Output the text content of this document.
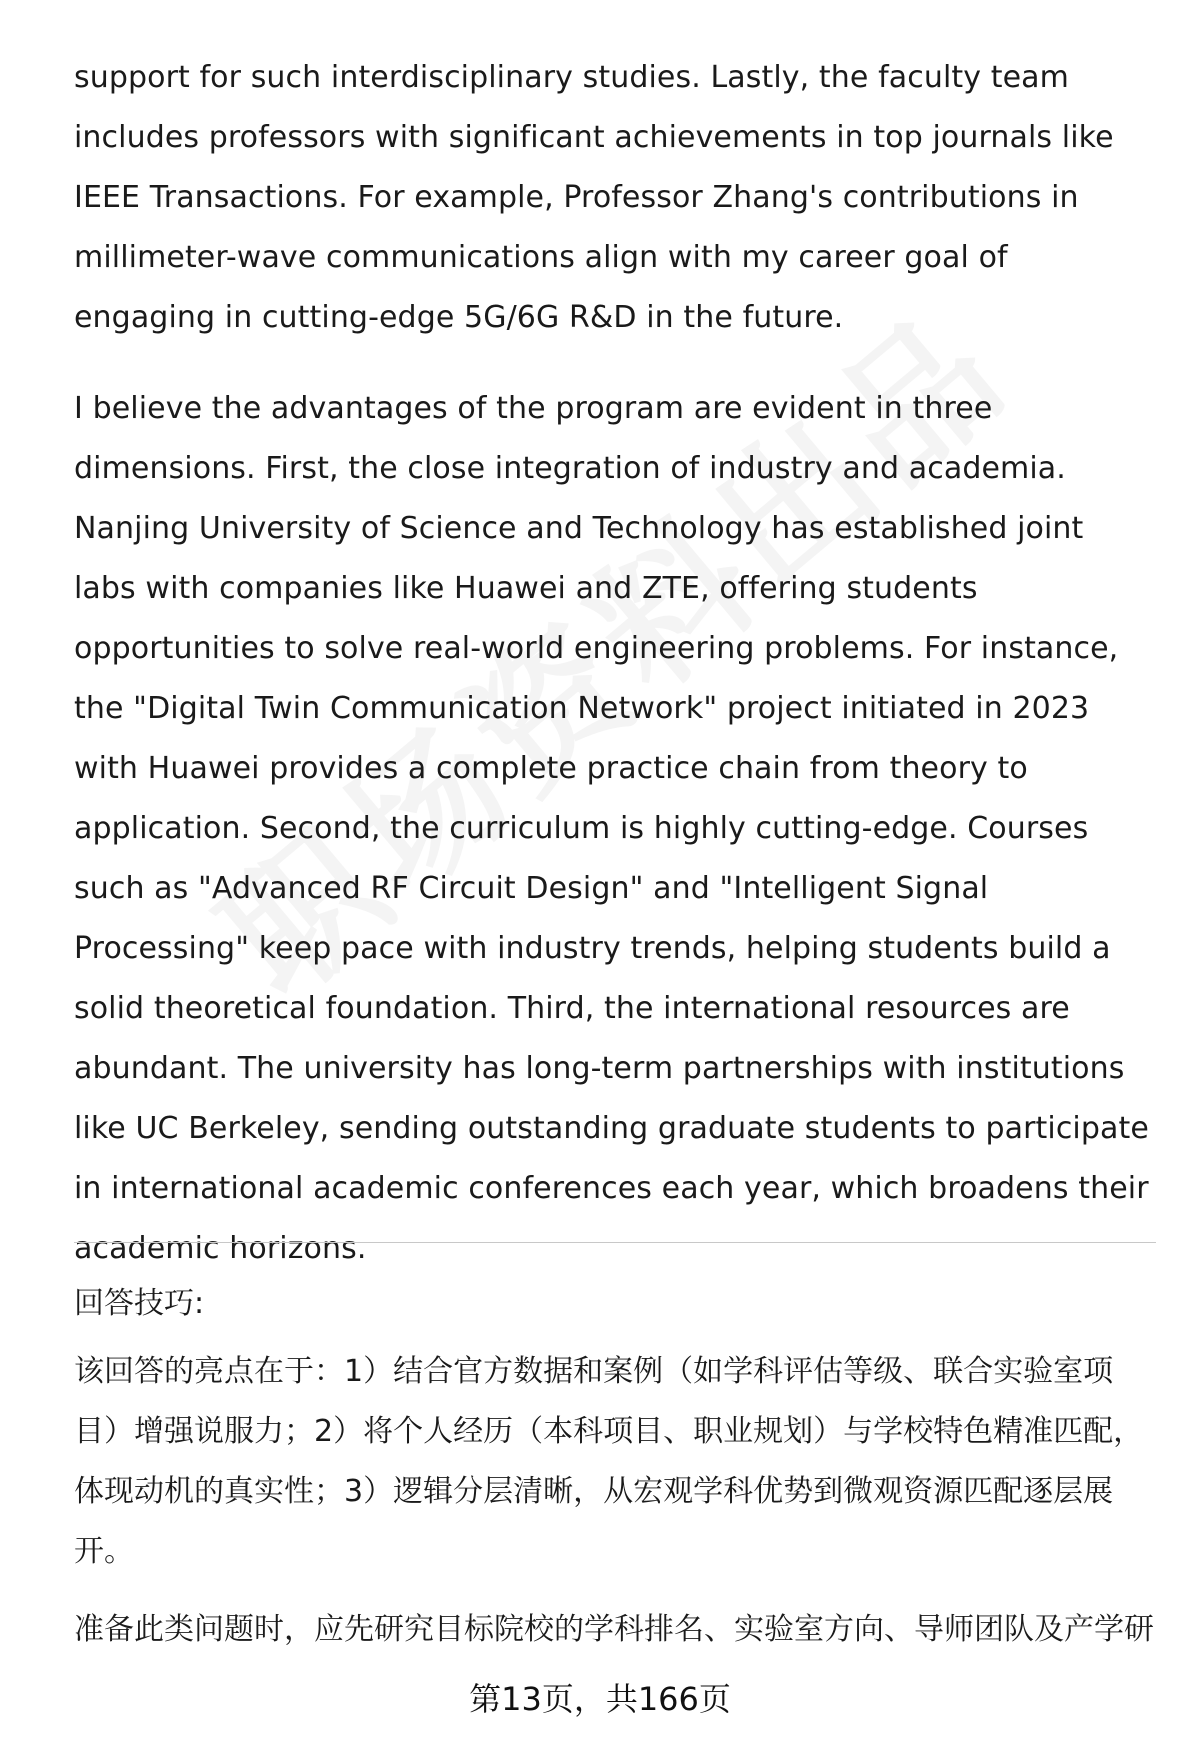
support for such interdisciplinary studies. Lastly, the faculty team includes professors with significant achievements in top journals like IEEE Transactions. For example, Professor Zhang's contributions in millimeter-wave communications align with my career goal of engaging in cutting-edge 5G/6G R&D in the future.

I believe the advantages of the program are evident in three dimensions. First, the close integration of industry and academia. Nanjing University of Science and Technology has established joint labs with companies like Huawei and ZTE, offering students opportunities to solve real-world engineering problems. For instance, the "Digital Twin Communication Network" project initiated in 2023 with Huawei provides a complete practice chain from theory to application. Second, the curriculum is highly cutting-edge. Courses such as "Advanced RF Circuit Design" and "Intelligent Signal Processing" keep pace with industry trends, helping students build a solid theoretical foundation. Third, the international resources are abundant. The university has long-term partnerships with institutions like UC Berkeley, sending outstanding graduate students to participate in international academic conferences each year, which broadens their academic horizons.

回答技巧:

该回答的亮点在于：1）结合官方数据和案例（如学科评估等级、联合实验室项目）增强说服力；2）将个人经历（本科项目、职业规划）与学校特色精准匹配，体现动机的真实性；3）逻辑分层清晰，从宏观学科优势到微观资源匹配逐层展开。

准备此类问题时，应先研究目标院校的学科排名、实验室方向、导师团队及产学研

第13页，共166页
